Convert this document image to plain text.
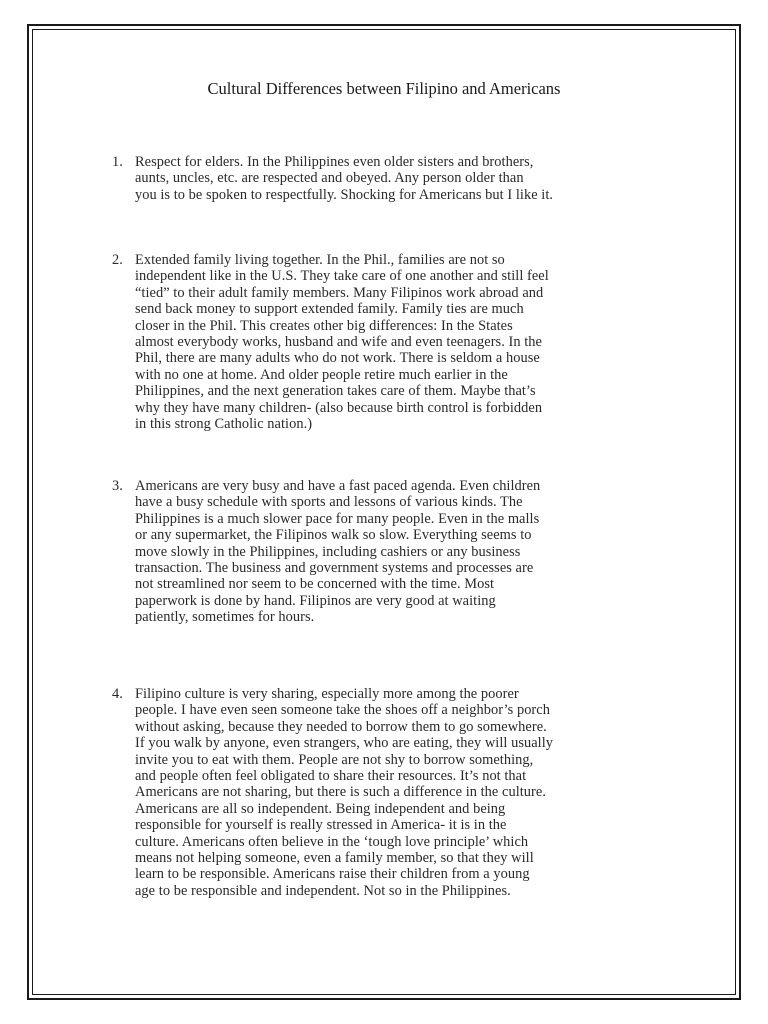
Cultural Differences between Filipino and Americans
1. Respect for elders. In the Philippines even older sisters and brothers,
aunts, uncles, etc. are respected and obeyed. Any person older than
you is to be spoken to respectfully. Shocking for Americans but I like it.
2. Extended family living together. In the Phil., families are not so
independent like in the U.S. They take care of one another and still feel
“tied” to their adult family members. Many Filipinos work abroad and
send back money to support extended family. Family ties are much
closer in the Phil. This creates other big differences: In the States
almost everybody works, husband and wife and even teenagers. In the
Phil, there are many adults who do not work. There is seldom a house
with no one at home. And older people retire much earlier in the
Philippines, and the next generation takes care of them. Maybe that’s
why they have many children- (also because birth control is forbidden
in this strong Catholic nation.)
3. Americans are very busy and have a fast paced agenda. Even children
have a busy schedule with sports and lessons of various kinds. The
Philippines is a much slower pace for many people. Even in the malls
or any supermarket, the Filipinos walk so slow. Everything seems to
move slowly in the Philippines, including cashiers or any business
transaction. The business and government systems and processes are
not streamlined nor seem to be concerned with the time. Most
paperwork is done by hand. Filipinos are very good at waiting
patiently, sometimes for hours.
4. Filipino culture is very sharing, especially more among the poorer
people. I have even seen someone take the shoes off a neighbor’s porch
without asking, because they needed to borrow them to go somewhere.
If you walk by anyone, even strangers, who are eating, they will usually
invite you to eat with them. People are not shy to borrow something,
and people often feel obligated to share their resources. It’s not that
Americans are not sharing, but there is such a difference in the culture.
Americans are all so independent. Being independent and being
responsible for yourself is really stressed in America- it is in the
culture. Americans often believe in the ‘tough love principle’ which
means not helping someone, even a family member, so that they will
learn to be responsible. Americans raise their children from a young
age to be responsible and independent. Not so in the Philippines.
